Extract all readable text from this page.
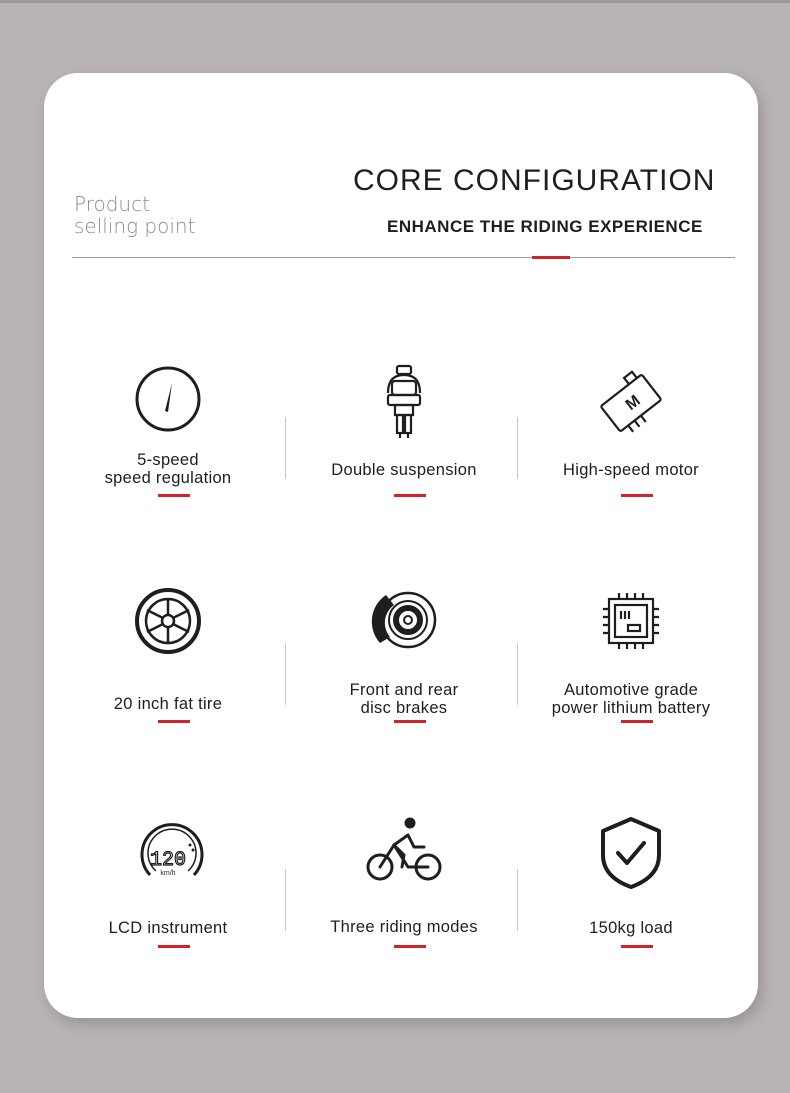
Product
selling point
CORE CONFIGURATION
ENHANCE THE RIDING EXPERIENCE
5-speed
speed regulation	Double suspension
M
High-speed motor
20 inch fat tire
Front and rear
disc brakes
Automotive grade
power lithium battery
120
km/h
LCD instrument	Three riding modes	150kg load
